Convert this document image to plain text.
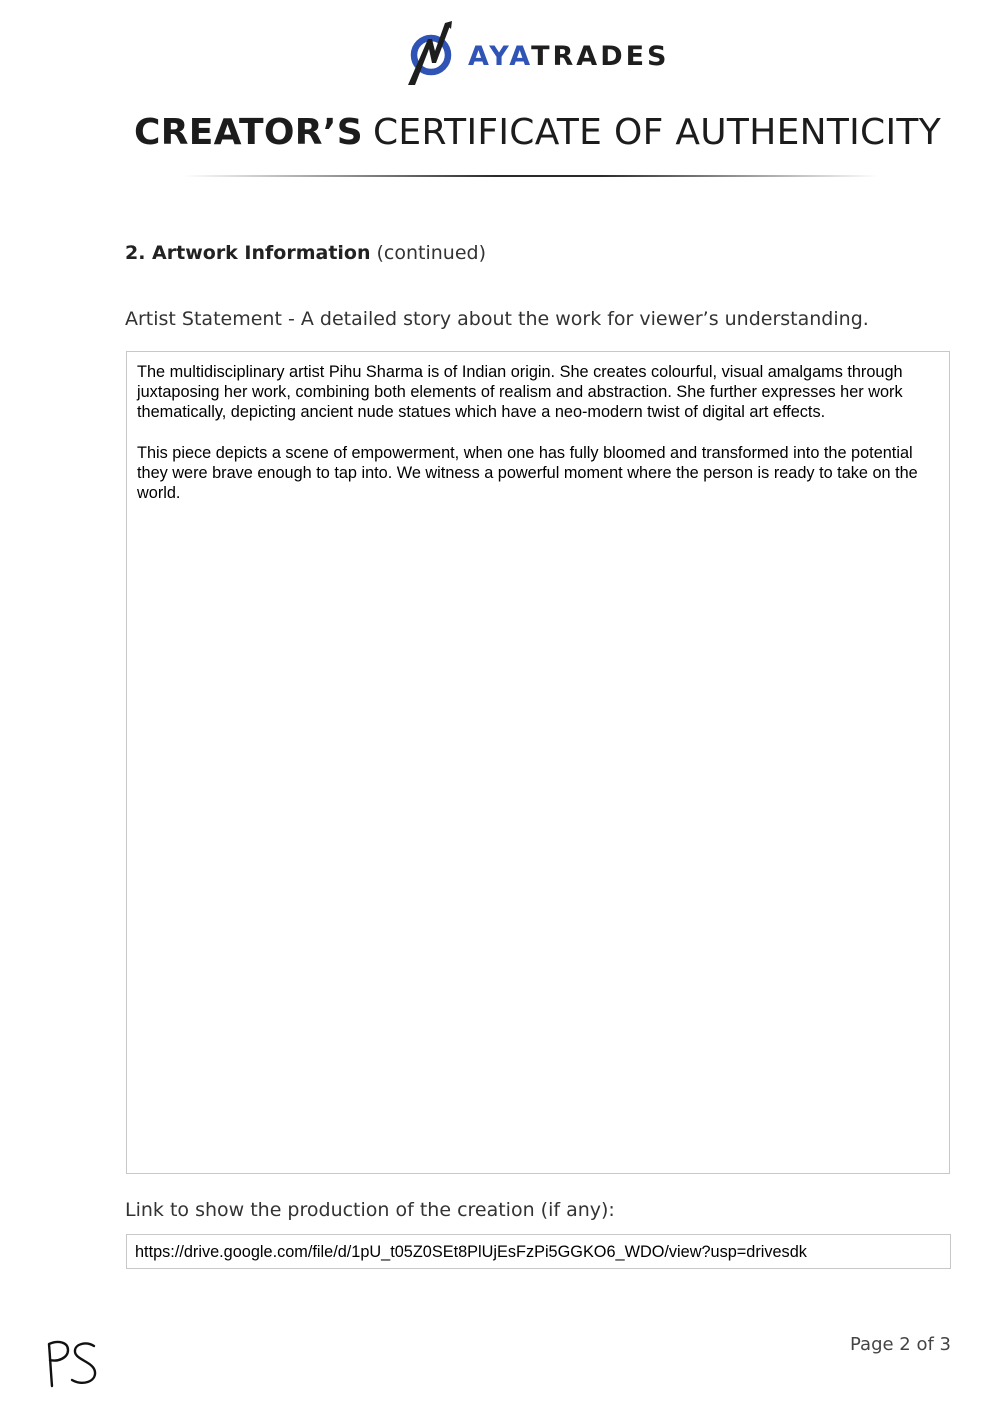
AYATRADES
CREATOR’S CERTIFICATE OF AUTHENTICITY
2. Artwork Information (continued)
Artist Statement - A detailed story about the work for viewer’s understanding.

The multidisciplinary artist Pihu Sharma is of Indian origin. She creates colourful, visual amalgams through juxtaposing her work, combining both elements of realism and abstraction. She further expresses her work thematically, depicting ancient nude statues which have a neo-modern twist of digital art effects.

This piece depicts a scene of empowerment, when one has fully bloomed and transformed into the potential they were brave enough to tap into. We witness a powerful moment where the person is ready to take on the world.

Link to show the production of the creation (if any):
https://drive.google.com/file/d/1pU_t05Z0SEt8PlUjEsFzPi5GGKO6_WDO/view?usp=drivesdk
Page 2 of 3
